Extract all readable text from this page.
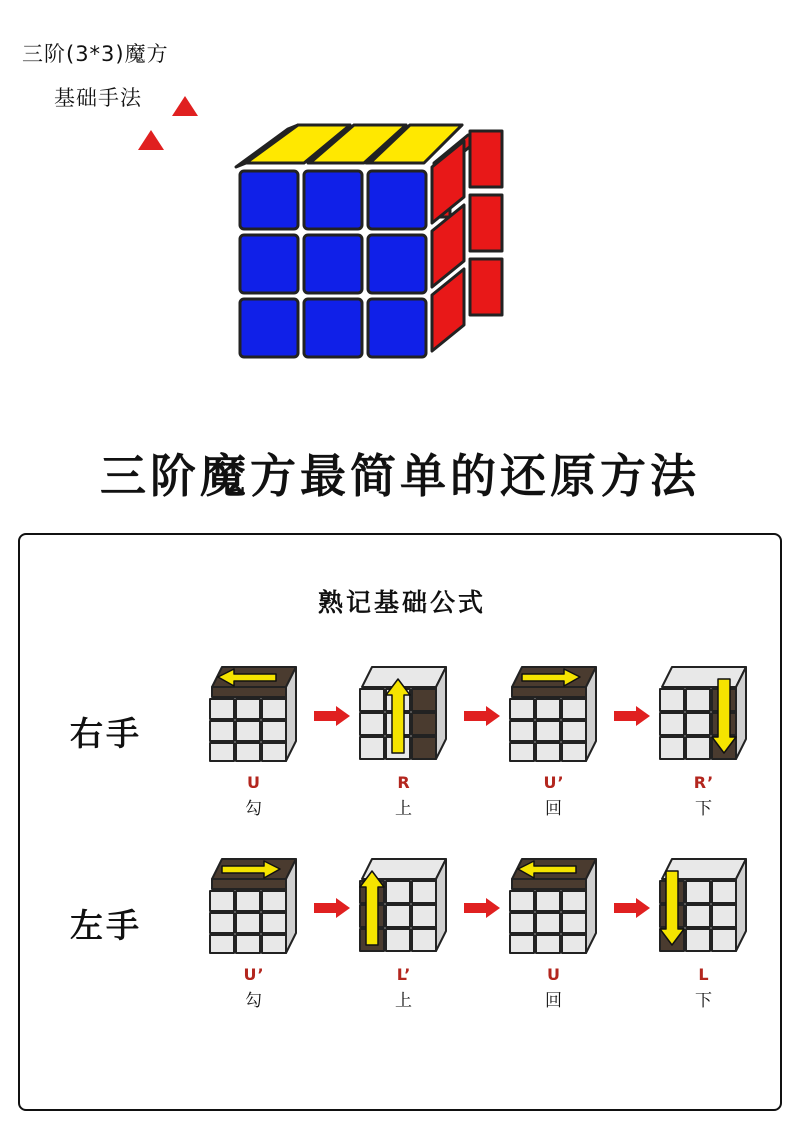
三阶(3*3)魔方
基础手法
三阶魔方最简单的还原方法
熟记基础公式
右手
U
勾
R
上
U’
回
R’
下
左手
U’
勾
L’
上
U
回
L
下
